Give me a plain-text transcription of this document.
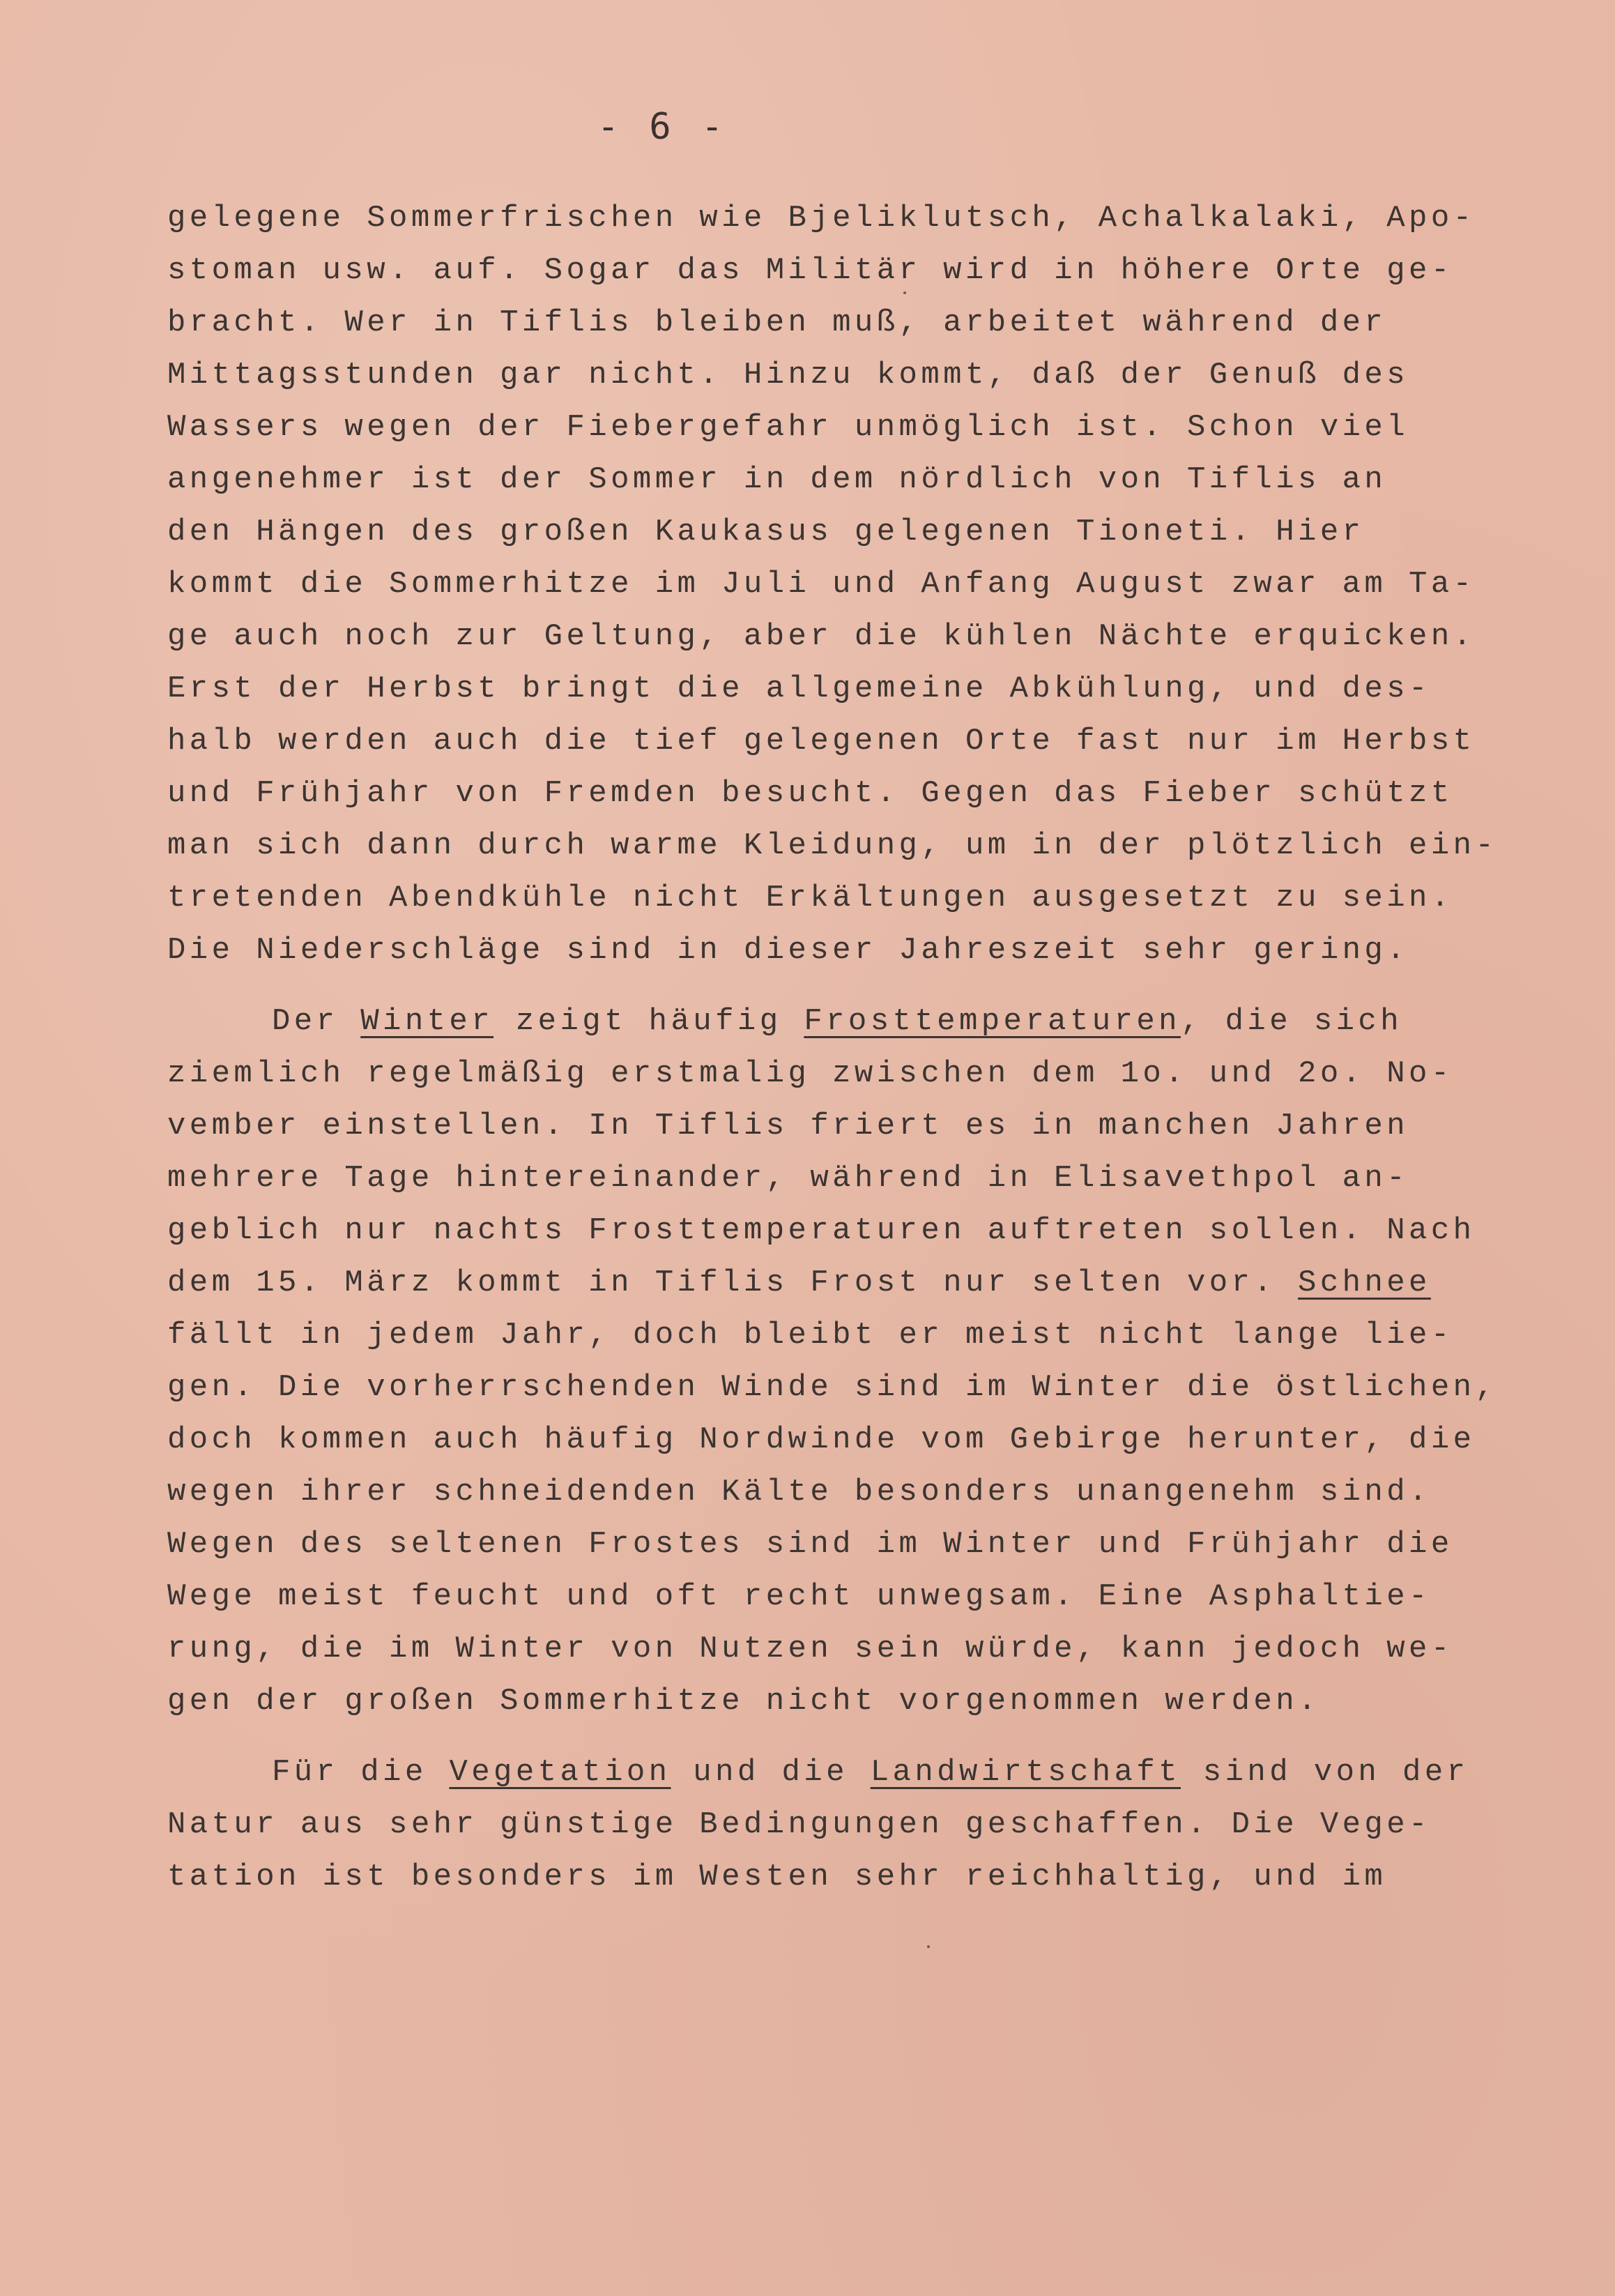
- 6 -
gelegene Sommerfrischen wie Bjeliklutsch, Achalkalaki, Apo-
stoman usw. auf. Sogar das Militär wird in höhere Orte ge-
bracht. Wer in Tiflis bleiben muß, arbeitet während der
Mittagsstunden gar nicht. Hinzu kommt, daß der Genuß des
Wassers wegen der Fiebergefahr unmöglich ist. Schon viel
angenehmer ist der Sommer in dem nördlich von Tiflis an
den Hängen des großen Kaukasus gelegenen Tioneti. Hier
kommt die Sommerhitze im Juli und Anfang August zwar am Ta-
ge auch noch zur Geltung, aber die kühlen Nächte erquicken.
Erst der Herbst bringt die allgemeine Abkühlung, und des-
halb werden auch die tief gelegenen Orte fast nur im Herbst
und Frühjahr von Fremden besucht. Gegen das Fieber schützt
man sich dann durch warme Kleidung, um in der plötzlich ein-
tretenden Abendkühle nicht Erkältungen ausgesetzt zu sein.
Die Niederschläge sind in dieser Jahreszeit sehr gering.
Der Winter zeigt häufig Frosttemperaturen, die sich
ziemlich regelmäßig erstmalig zwischen dem 1o. und 2o. No-
vember einstellen. In Tiflis friert es in manchen Jahren
mehrere Tage hintereinander, während in Elisavethpol an-
geblich nur nachts Frosttemperaturen auftreten sollen. Nach
dem 15. März kommt in Tiflis Frost nur selten vor. Schnee
fällt in jedem Jahr, doch bleibt er meist nicht lange lie-
gen. Die vorherrschenden Winde sind im Winter die östlichen,
doch kommen auch häufig Nordwinde vom Gebirge herunter, die
wegen ihrer schneidenden Kälte besonders unangenehm sind.
Wegen des seltenen Frostes sind im Winter und Frühjahr die
Wege meist feucht und oft recht unwegsam. Eine Asphaltie-
rung, die im Winter von Nutzen sein würde, kann jedoch we-
gen der großen Sommerhitze nicht vorgenommen werden.
Für die Vegetation und die Landwirtschaft sind von der
Natur aus sehr günstige Bedingungen geschaffen. Die Vege-
tation ist besonders im Westen sehr reichhaltig, und im
